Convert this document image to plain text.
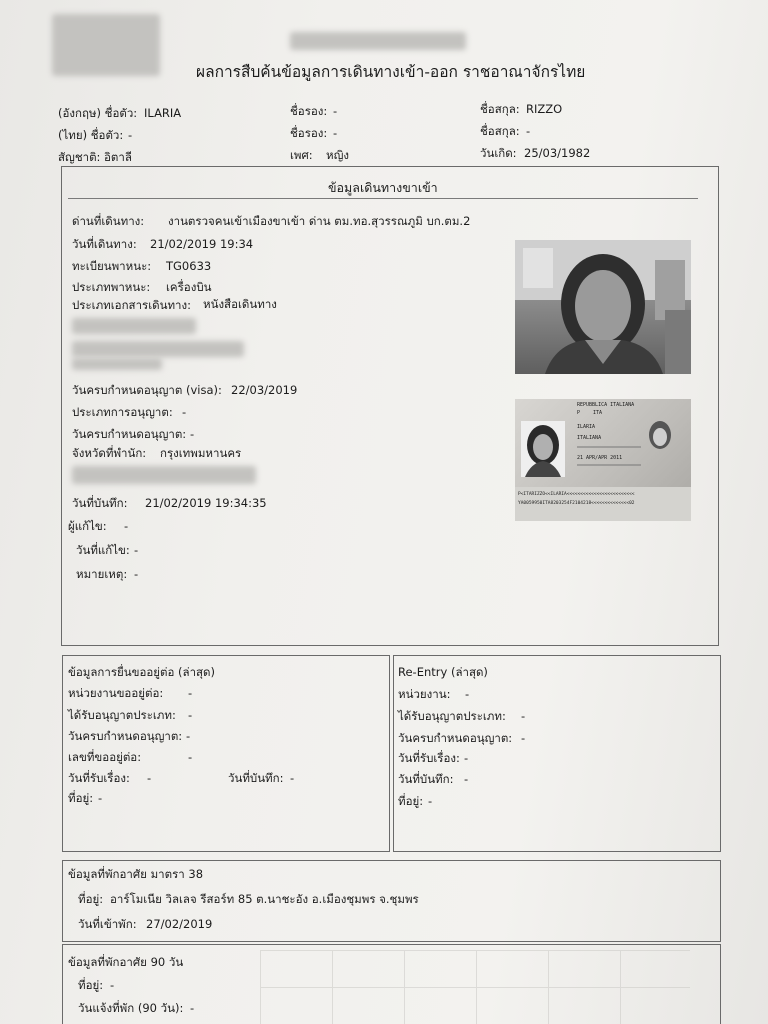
ผลการสืบค้นข้อมูลการเดินทางเข้า-ออก ราชอาณาจักรไทย
(อังกฤษ) ชื่อตัว: ILARIA	ชื่อรอง: -	ชื่อสกุล: RIZZO
(ไทย) ชื่อตัว: -	ชื่อรอง: -	ชื่อสกุล: -
สัญชาติ: อิตาลี	เพศ: หญิง	วันเกิด: 25/03/1982
ข้อมูลเดินทางขาเข้า
ด่านที่เดินทาง: งานตรวจคนเข้าเมืองขาเข้า ด่าน ตม.ทอ.สุวรรณภูมิ บก.ตม.2
วันที่เดินทาง: 21/02/2019 19:34
ทะเบียนพาหนะ: TG0633
ประเภทพาหนะ: เครื่องบิน
ประเภทเอกสารเดินทาง: หนังสือเดินทาง
วันครบกำหนดอนุญาต (visa): 22/03/2019
ประเภทการอนุญาต: -
วันครบกำหนดอนุญาต: -
จังหวัดที่พำนัก: กรุงเทพมหานคร
วันที่บันทึก: 21/02/2019 19:34:35
ผู้แก้ไข: -
วันที่แก้ไข: -
หมายเหตุ: -
REPUBBLICA ITALIANA
P	ITA
ILARIA
ITALIANA
21 APR/APR 2011
P<ITARIZZO<<ILARIA<<<<<<<<<<<<<<<<<<<<<<<<<
YA0059950ITA8203254F2104218<<<<<<<<<<<<<<02
ข้อมูลการยื่นขออยู่ต่อ (ล่าสุด)
หน่วยงานขออยู่ต่อ: -
ได้รับอนุญาตประเภท: -
วันครบกำหนดอนุญาต: -
เลขที่ขออยู่ต่อ:	-
วันที่รับเรื่อง: -	วันที่บันทึก: -
ที่อยู่: -
Re-Entry (ล่าสุด)
หน่วยงาน: -
ได้รับอนุญาตประเภท: -
วันครบกำหนดอนุญาต: -
วันที่รับเรื่อง: -
วันที่บันทึก: -
ที่อยู่: -
ข้อมูลที่พักอาศัย มาตรา 38
ที่อยู่: อาร์โมเนีย วิลเลจ รีสอร์ท 85 ต.นาชะอัง อ.เมืองชุมพร จ.ชุมพร
วันที่เข้าพัก: 27/02/2019
ข้อมูลที่พักอาศัย 90 วัน
ที่อยู่: -
วันแจ้งที่พัก (90 วัน): -
